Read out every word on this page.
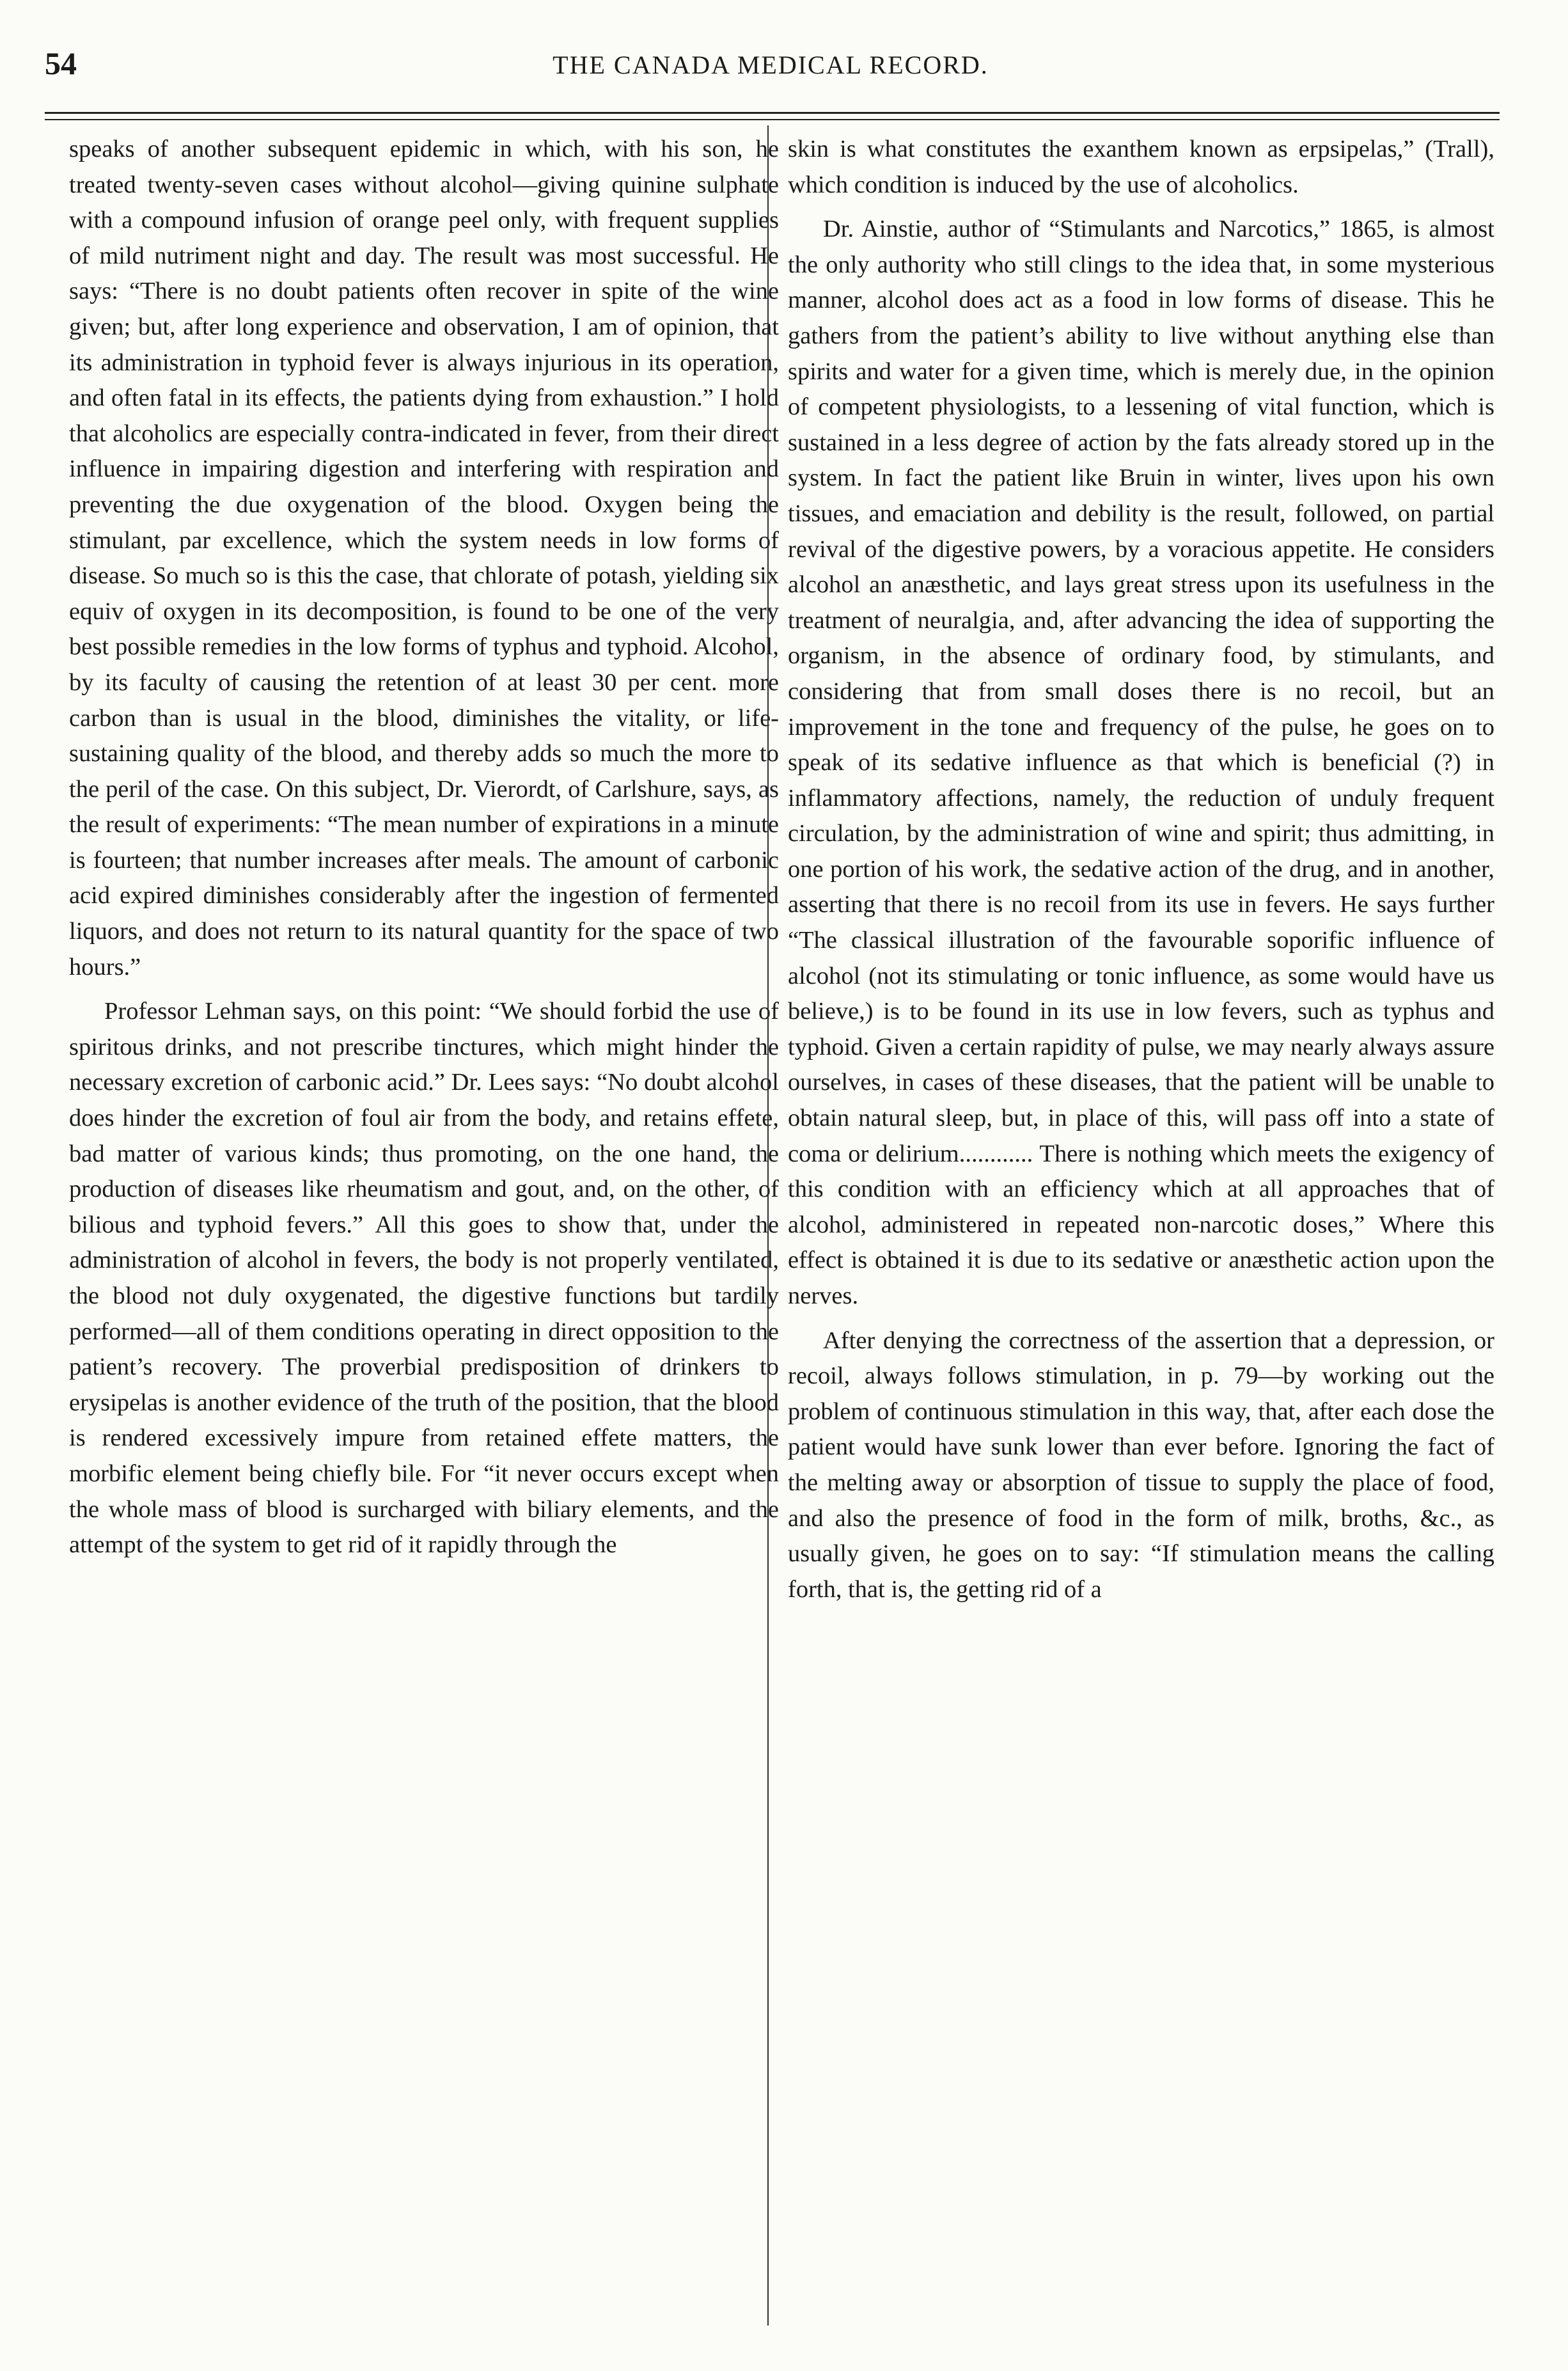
54	THE CANADA MEDICAL RECORD.

speaks of another subsequent epidemic in which, with his son, he treated twenty-seven cases without alcohol—giving quinine sulphate with a compound infusion of orange peel only, with frequent supplies of mild nutriment night and day. The result was most successful. He says: “There is no doubt patients often recover in spite of the wine given; but, after long experience and observation, I am of opinion, that its administration in typhoid fever is always injurious in its operation, and often fatal in its effects, the patients dying from exhaustion.” I hold that alcoholics are especially contra-indicated in fever, from their direct influence in impairing digestion and interfering with respiration and preventing the due oxygenation of the blood. Oxygen being the stimulant, par excellence, which the system needs in low forms of disease. So much so is this the case, that chlorate of potash, yielding six equiv of oxygen in its decomposition, is found to be one of the very best possible remedies in the low forms of typhus and typhoid. Alcohol, by its faculty of causing the retention of at least 30 per cent. more carbon than is usual in the blood, diminishes the vitality, or life-sustaining quality of the blood, and thereby adds so much the more to the peril of the case. On this subject, Dr. Vierordt, of Carlshure, says, as the result of experiments: “The mean number of expirations in a minute is fourteen; that number increases after meals. The amount of carbonic acid expired diminishes considerably after the ingestion of fermented liquors, and does not return to its natural quantity for the space of two hours.”

Professor Lehman says, on this point: “We should forbid the use of spiritous drinks, and not prescribe tinctures, which might hinder the necessary excretion of carbonic acid.” Dr. Lees says: “No doubt alcohol does hinder the excretion of foul air from the body, and retains effete, bad matter of various kinds; thus promoting, on the one hand, the production of diseases like rheumatism and gout, and, on the other, of bilious and typhoid fevers.” All this goes to show that, under the administration of alcohol in fevers, the body is not properly ventilated, the blood not duly oxygenated, the digestive functions but tardily performed—all of them conditions operating in direct opposition to the patient’s recovery. The proverbial predisposition of drinkers to erysipelas is another evidence of the truth of the position, that the blood is rendered excessively impure from retained effete matters, the morbific element being chiefly bile. For “it never occurs except when the whole mass of blood is surcharged with biliary elements, and the attempt of the system to get rid of it rapidly through the

skin is what constitutes the exanthem known as erpsipelas,” (Trall), which condition is induced by the use of alcoholics.

Dr. Ainstie, author of “Stimulants and Narcotics,” 1865, is almost the only authority who still clings to the idea that, in some mysterious manner, alcohol does act as a food in low forms of disease. This he gathers from the patient’s ability to live without anything else than spirits and water for a given time, which is merely due, in the opinion of competent physiologists, to a lessening of vital function, which is sustained in a less degree of action by the fats already stored up in the system. In fact the patient like Bruin in winter, lives upon his own tissues, and emaciation and debility is the result, followed, on partial revival of the digestive powers, by a voracious appetite. He considers alcohol an anæsthetic, and lays great stress upon its usefulness in the treatment of neuralgia, and, after advancing the idea of supporting the organism, in the absence of ordinary food, by stimulants, and considering that from small doses there is no recoil, but an improvement in the tone and frequency of the pulse, he goes on to speak of its sedative influence as that which is beneficial (?) in inflammatory affections, namely, the reduction of unduly frequent circulation, by the administration of wine and spirit; thus admitting, in one portion of his work, the sedative action of the drug, and in another, asserting that there is no recoil from its use in fevers. He says further “The classical illustration of the favourable soporific influence of alcohol (not its stimulating or tonic influence, as some would have us believe,) is to be found in its use in low fevers, such as typhus and typhoid. Given a certain rapidity of pulse, we may nearly always assure ourselves, in cases of these diseases, that the patient will be unable to obtain natural sleep, but, in place of this, will pass off into a state of coma or delirium............ There is nothing which meets the exigency of this condition with an efficiency which at all approaches that of alcohol, administered in repeated non-narcotic doses,” Where this effect is obtained it is due to its sedative or anæsthetic action upon the nerves.

After denying the correctness of the assertion that a depression, or recoil, always follows stimulation, in p. 79—by working out the problem of continuous stimulation in this way, that, after each dose the patient would have sunk lower than ever before. Ignoring the fact of the melting away or absorption of tissue to supply the place of food, and also the presence of food in the form of milk, broths, &c., as usually given, he goes on to say: “If stimulation means the calling forth, that is, the getting rid of a
